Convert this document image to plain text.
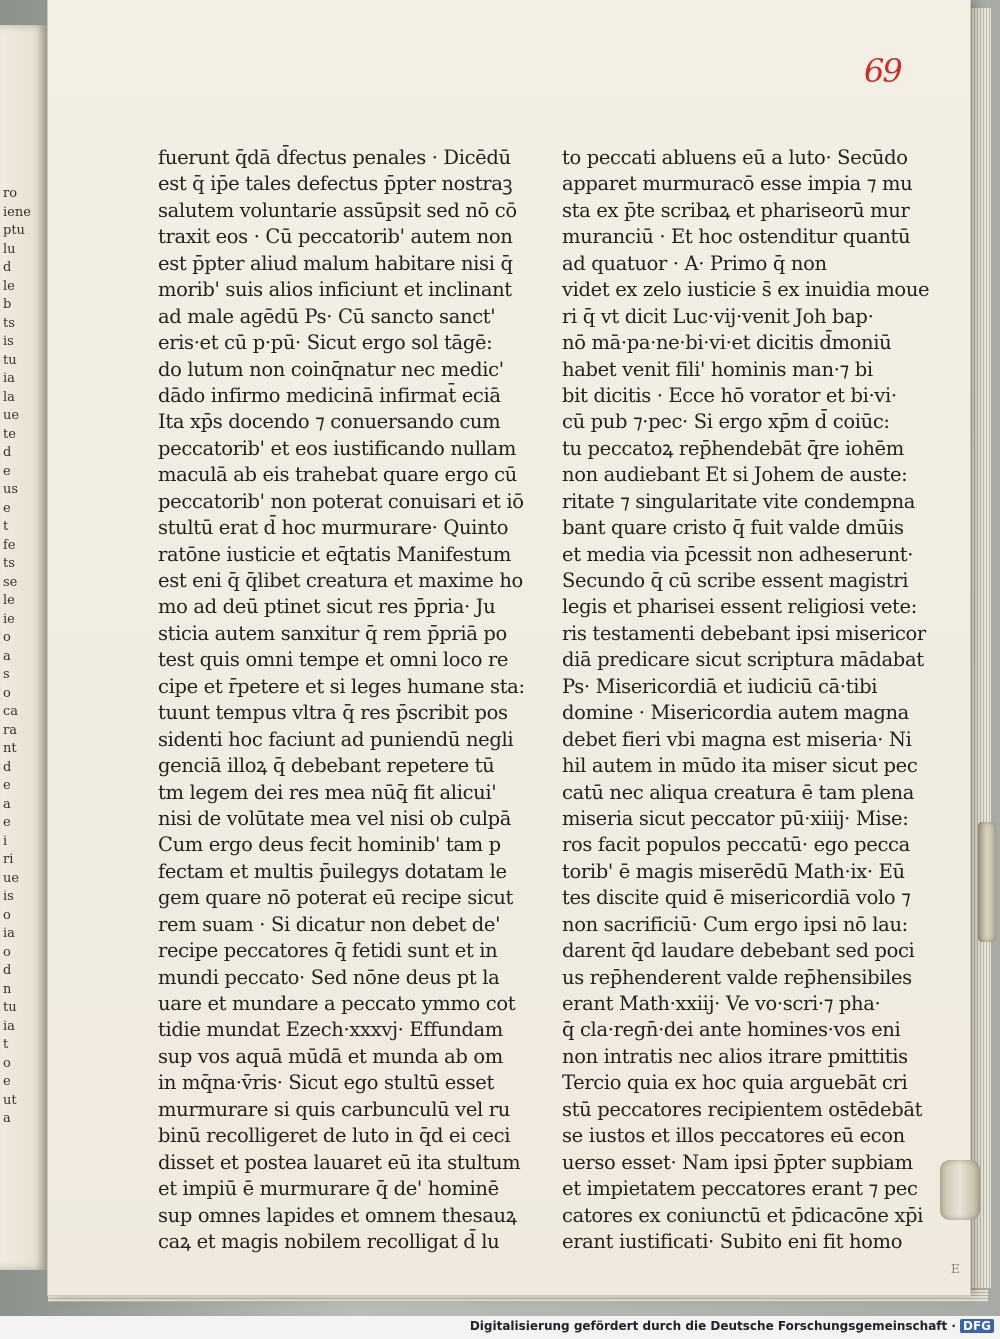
ro
iene
ptu
lu
d
le
b
ts
is
tu
ia
la
ue
te
d
e
us
e
t
fe
ts
se
le
ie
o
a
s
o
ca
ra
nt
d
e
a
e
i
ri
ue
is
o
ia
o
d
n
tu
ia
t
o
e
ut
a
69
fuerunt q̄dā d̄fectus penales · Dicēdū
est q̄ ip̄e tales defectus p̄pter nostraꝫ
salutem voluntarie assūpsit sed nō cō
traxit eos · Cū peccatorib' autem non
est p̄pter aliud malum habitare nisi q̄
morib' suis alios inficiunt et inclinant
ad male agēdū Ps· Cū sancto sanct'
eris·et cū p·pū· Sicut ergo sol tāgē:
do lutum non coinq̄natur nec medic'
dādo infirmo medicinā infirmat̄ eciā
Ita xp̄s docendo ⁊ conuersando cum
peccatorib' et eos iustificando nullam
maculā ab eis trahebat quare ergo cū
peccatorib' non poterat conuisari et iō
stultū erat d̄ hoc murmurare· Quinto
ratōne iusticie et eq̄tatis Manifestum
est eni q̄ q̄libet creatura et maxime ho
mo ad deū ptinet sicut res p̄pria· Ju
sticia autem sanxitur q̄ rem p̄priā po
test quis omni tempe et omni loco re
cipe et r̄petere et si leges humane sta:
tuunt tempus vltra q̄ res p̄scribit pos
sidenti hoc faciunt ad puniendū negli
genciā illoꝝ q̄ debebant repetere tū
tm legem dei res mea nūq̄ fit alicui'
nisi de volūtate mea vel nisi ob culpā
Cum ergo deus fecit hominib' tam p
fectam et multis p̄uilegys dotatam le
gem quare nō poterat eū recipe sicut
rem suam · Si dicatur non debet de'
recipe peccatores q̄ fetidi sunt et in
mundi peccato· Sed nōne deus pt la
uare et mundare a peccato ymmo cot
tidie mundat Ezech·xxxvj· Effundam
sup vos aquā mūdā et munda ab om
in mq̄na·v̄ris· Sicut ego stultū esset
murmurare si quis carbunculū vel ru
binū recolligeret de luto in q̄d ei ceci
disset et postea lauaret eū ita stultum
et impiū ē murmurare q̄ de' hominē
sup omnes lapides et omnem thesauꝝ
caꝝ et magis nobilem recolligat d̄ lu
to peccati abluens eū a luto· Secūdo
apparet murmuracō esse impia ⁊ mu
sta ex p̄te scribaꝝ et phariseorū mur
muranciū · Et hoc ostenditur quantū
ad quatuor · A· Primo q̄ non
videt ex zelo iusticie s̄ ex inuidia moue
ri q̄ vt dicit Luc·vij·venit Joh bap·
nō mā·pa·ne·bi·vi·et dicitis d̄moniū
habet venit fili' hominis man·⁊ bi
bit dicitis · Ecce hō vorator et bi·vi·
cū pub ⁊·pec· Si ergo xp̄m d̄ coiūc:
tu peccatoꝝ rep̄hendebāt q̄re iohēm
non audiebant Et si Johem de auste:
ritate ⁊ singularitate vite condempna
bant quare cristo q̄ fuit valde dmūis
et media via p̄cessit non adheserunt·
Secundo q̄ cū scribe essent magistri
legis et pharisei essent religiosi vete:
ris testamenti debebant ipsi misericor
diā predicare sicut scriptura mādabat
Ps· Misericordiā et iudiciū cā·tibi
domine · Misericordia autem magna
debet fieri vbi magna est miseria· Ni
hil autem in mūdo ita miser sicut pec
catū nec aliqua creatura ē tam plena
miseria sicut peccator pū·xiiij· Mise:
ros facit populos peccatū· ego pecca
torib' ē magis miserēdū Math·ix· Eū
tes discite quid ē misericordiā volo ⁊
non sacrificiū· Cum ergo ipsi nō lau:
darent q̄d laudare debebant sed poci
us rep̄henderent valde rep̄hensibiles
erant Math·xxiij· Ve vo·scri·⁊ pha·
q̄ cla·regn̄·dei ante homines·vos eni
non intratis nec alios itrare pmittitis
Tercio quia ex hoc quia arguebāt cri
stū peccatores recipientem ostēdebāt
se iustos et illos peccatores eū econ
uerso esset· Nam ipsi p̄pter supbiam
et impietatem peccatores erant ⁊ pec
catores ex coniunctū et p̄dicacōne xp̄i
erant iustificati· Subito eni fit homo
E
Digitalisierung gefördert durch die Deutsche Forschungsgemeinschaft · DFG
